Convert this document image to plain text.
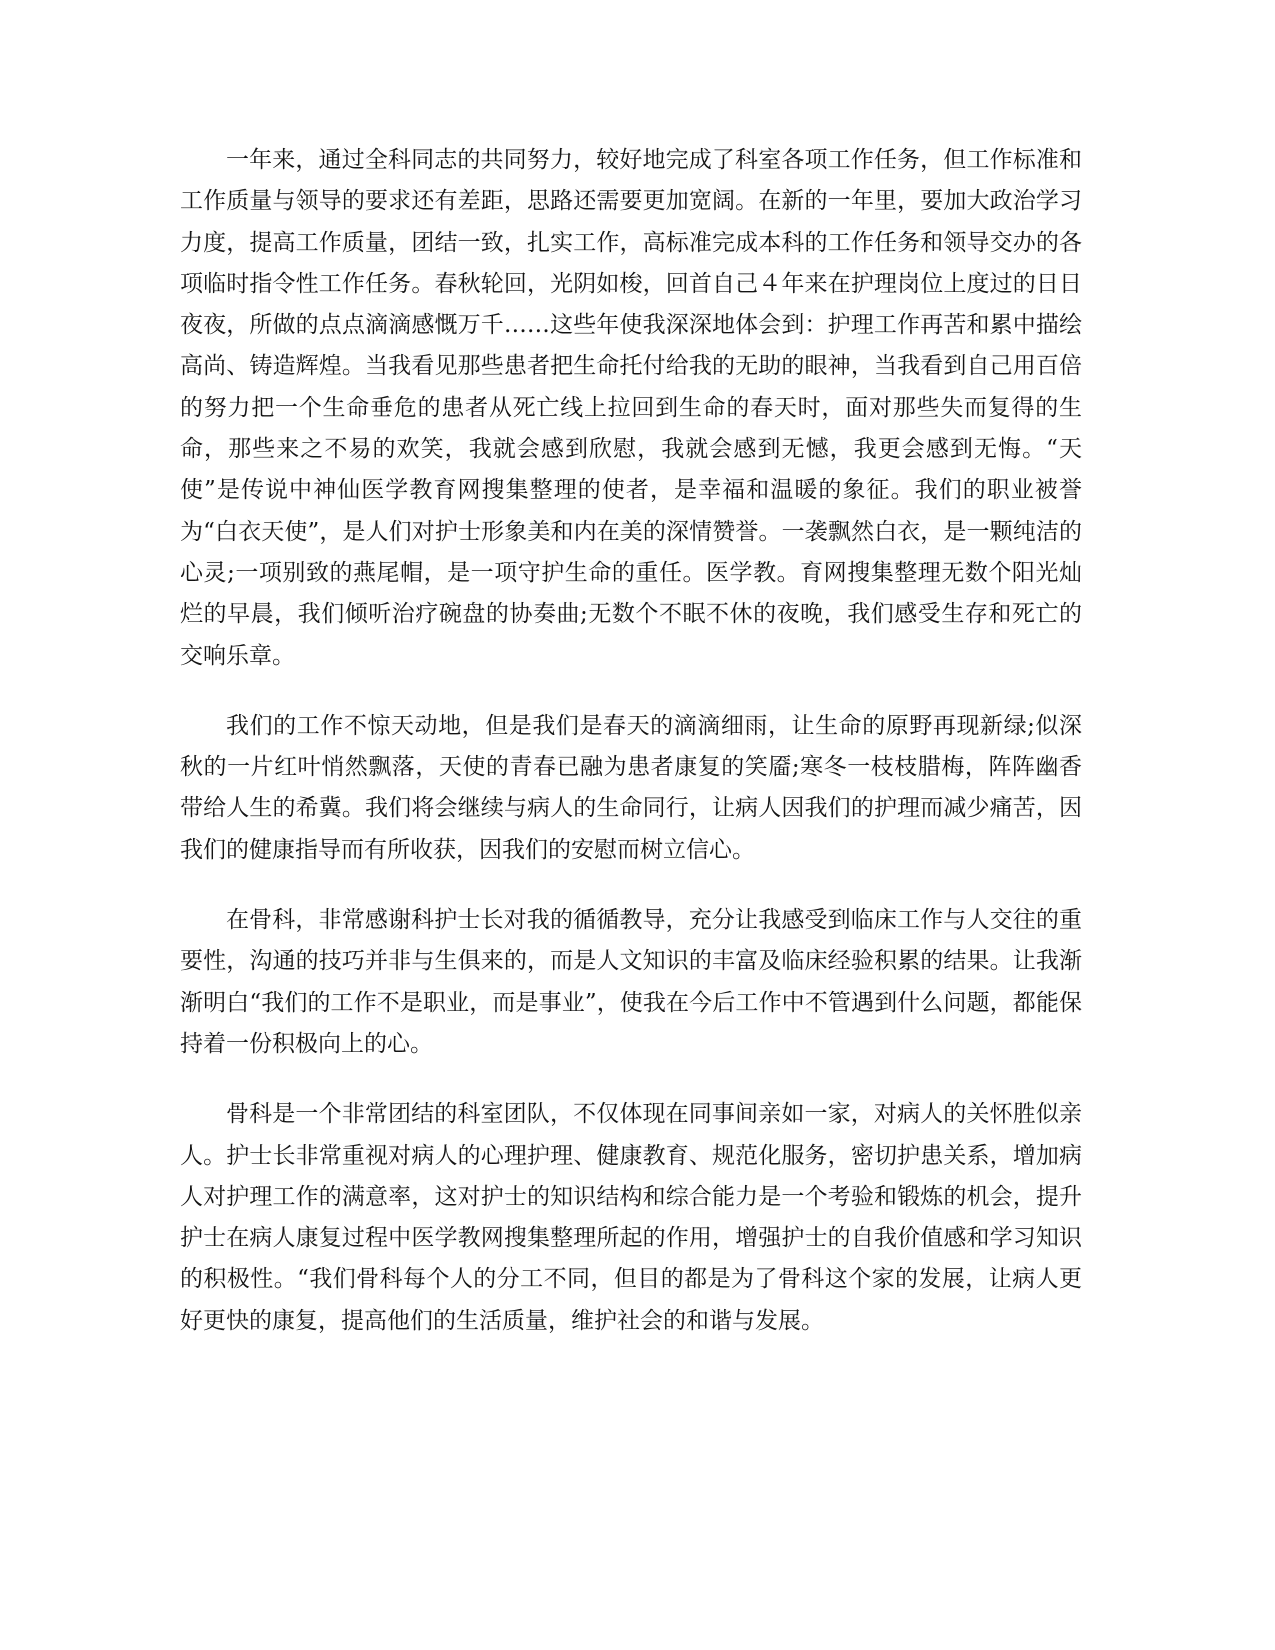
一年来，通过全科同志的共同努力，较好地完成了科室各项工作任务，但工作标准和工作质量与领导的要求还有差距，思路还需要更加宽阔。在新的一年里，要加大政治学习力度，提高工作质量，团结一致，扎实工作，高标准完成本科的工作任务和领导交办的各项临时指令性工作任务。春秋轮回，光阴如梭，回首自己４年来在护理岗位上度过的日日夜夜，所做的点点滴滴感慨万千……这些年使我深深地体会到：护理工作再苦和累中描绘高尚、铸造辉煌。当我看见那些患者把生命托付给我的无助的眼神，当我看到自己用百倍的努力把一个生命垂危的患者从死亡线上拉回到生命的春天时，面对那些失而复得的生命，那些来之不易的欢笑，我就会感到欣慰，我就会感到无憾，我更会感到无悔。“天使”是传说中神仙医学教育网搜集整理的使者，是幸福和温暖的象征。我们的职业被誉为“白衣天使”，是人们对护士形象美和内在美的深情赞誉。一袭飘然白衣，是一颗纯洁的心灵;一项别致的燕尾帽，是一项守护生命的重任。医学教。育网搜集整理无数个阳光灿烂的早晨，我们倾听治疗碗盘的协奏曲;无数个不眠不休的夜晚，我们感受生存和死亡的交响乐章。

我们的工作不惊天动地，但是我们是春天的滴滴细雨，让生命的原野再现新绿;似深秋的一片红叶悄然飘落，天使的青春已融为患者康复的笑靥;寒冬一枝枝腊梅，阵阵幽香带给人生的希冀。我们将会继续与病人的生命同行，让病人因我们的护理而减少痛苦，因我们的健康指导而有所收获，因我们的安慰而树立信心。

在骨科，非常感谢科护士长对我的循循教导，充分让我感受到临床工作与人交往的重要性，沟通的技巧并非与生俱来的，而是人文知识的丰富及临床经验积累的结果。让我渐渐明白“我们的工作不是职业，而是事业”，使我在今后工作中不管遇到什么问题，都能保持着一份积极向上的心。

骨科是一个非常团结的科室团队，不仅体现在同事间亲如一家，对病人的关怀胜似亲人。护士长非常重视对病人的心理护理、健康教育、规范化服务，密切护患关系，增加病人对护理工作的满意率，这对护士的知识结构和综合能力是一个考验和锻炼的机会，提升护士在病人康复过程中医学教网搜集整理所起的作用，增强护士的自我价值感和学习知识的积极性。“我们骨科每个人的分工不同，但目的都是为了骨科这个家的发展，让病人更好更快的康复，提高他们的生活质量，维护社会的和谐与发展。
